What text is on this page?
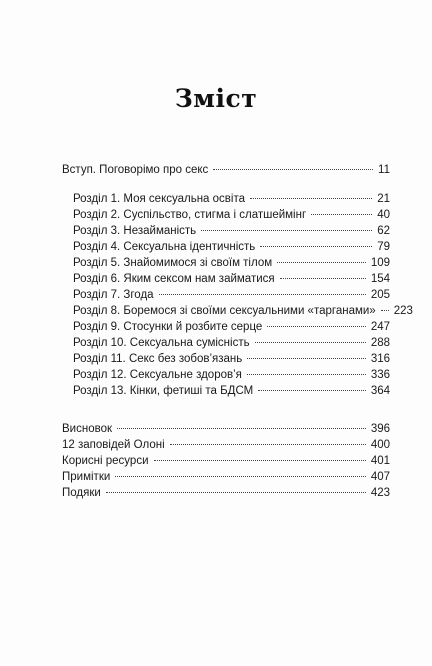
Зміст
Вступ. Поговорімо про секс	11
Розділ 1. Моя сексуальна освіта	21
Розділ 2. Суспільство, стигма і слатшеймінг	40
Розділ 3. Незайманість	62
Розділ 4. Сексуальна ідентичність	79
Розділ 5. Знайомимося зі своїм тілом	109
Розділ 6. Яким сексом нам займатися	154
Розділ 7. Згода	205
Розділ 8. Боремося зі своїми сексуальними «тарганами» 223
Розділ 9. Стосунки й розбите серце	247
Розділ 10. Сексуальна сумісність	288
Розділ 11. Секс без зобов’язань	316
Розділ 12. Сексуальне здоров’я	336
Розділ 13. Кінки, фетиші та БДСМ	364
Висновок	396
12 заповідей Олоні	400
Корисні ресурси	401
Примітки	407
Подяки	423
